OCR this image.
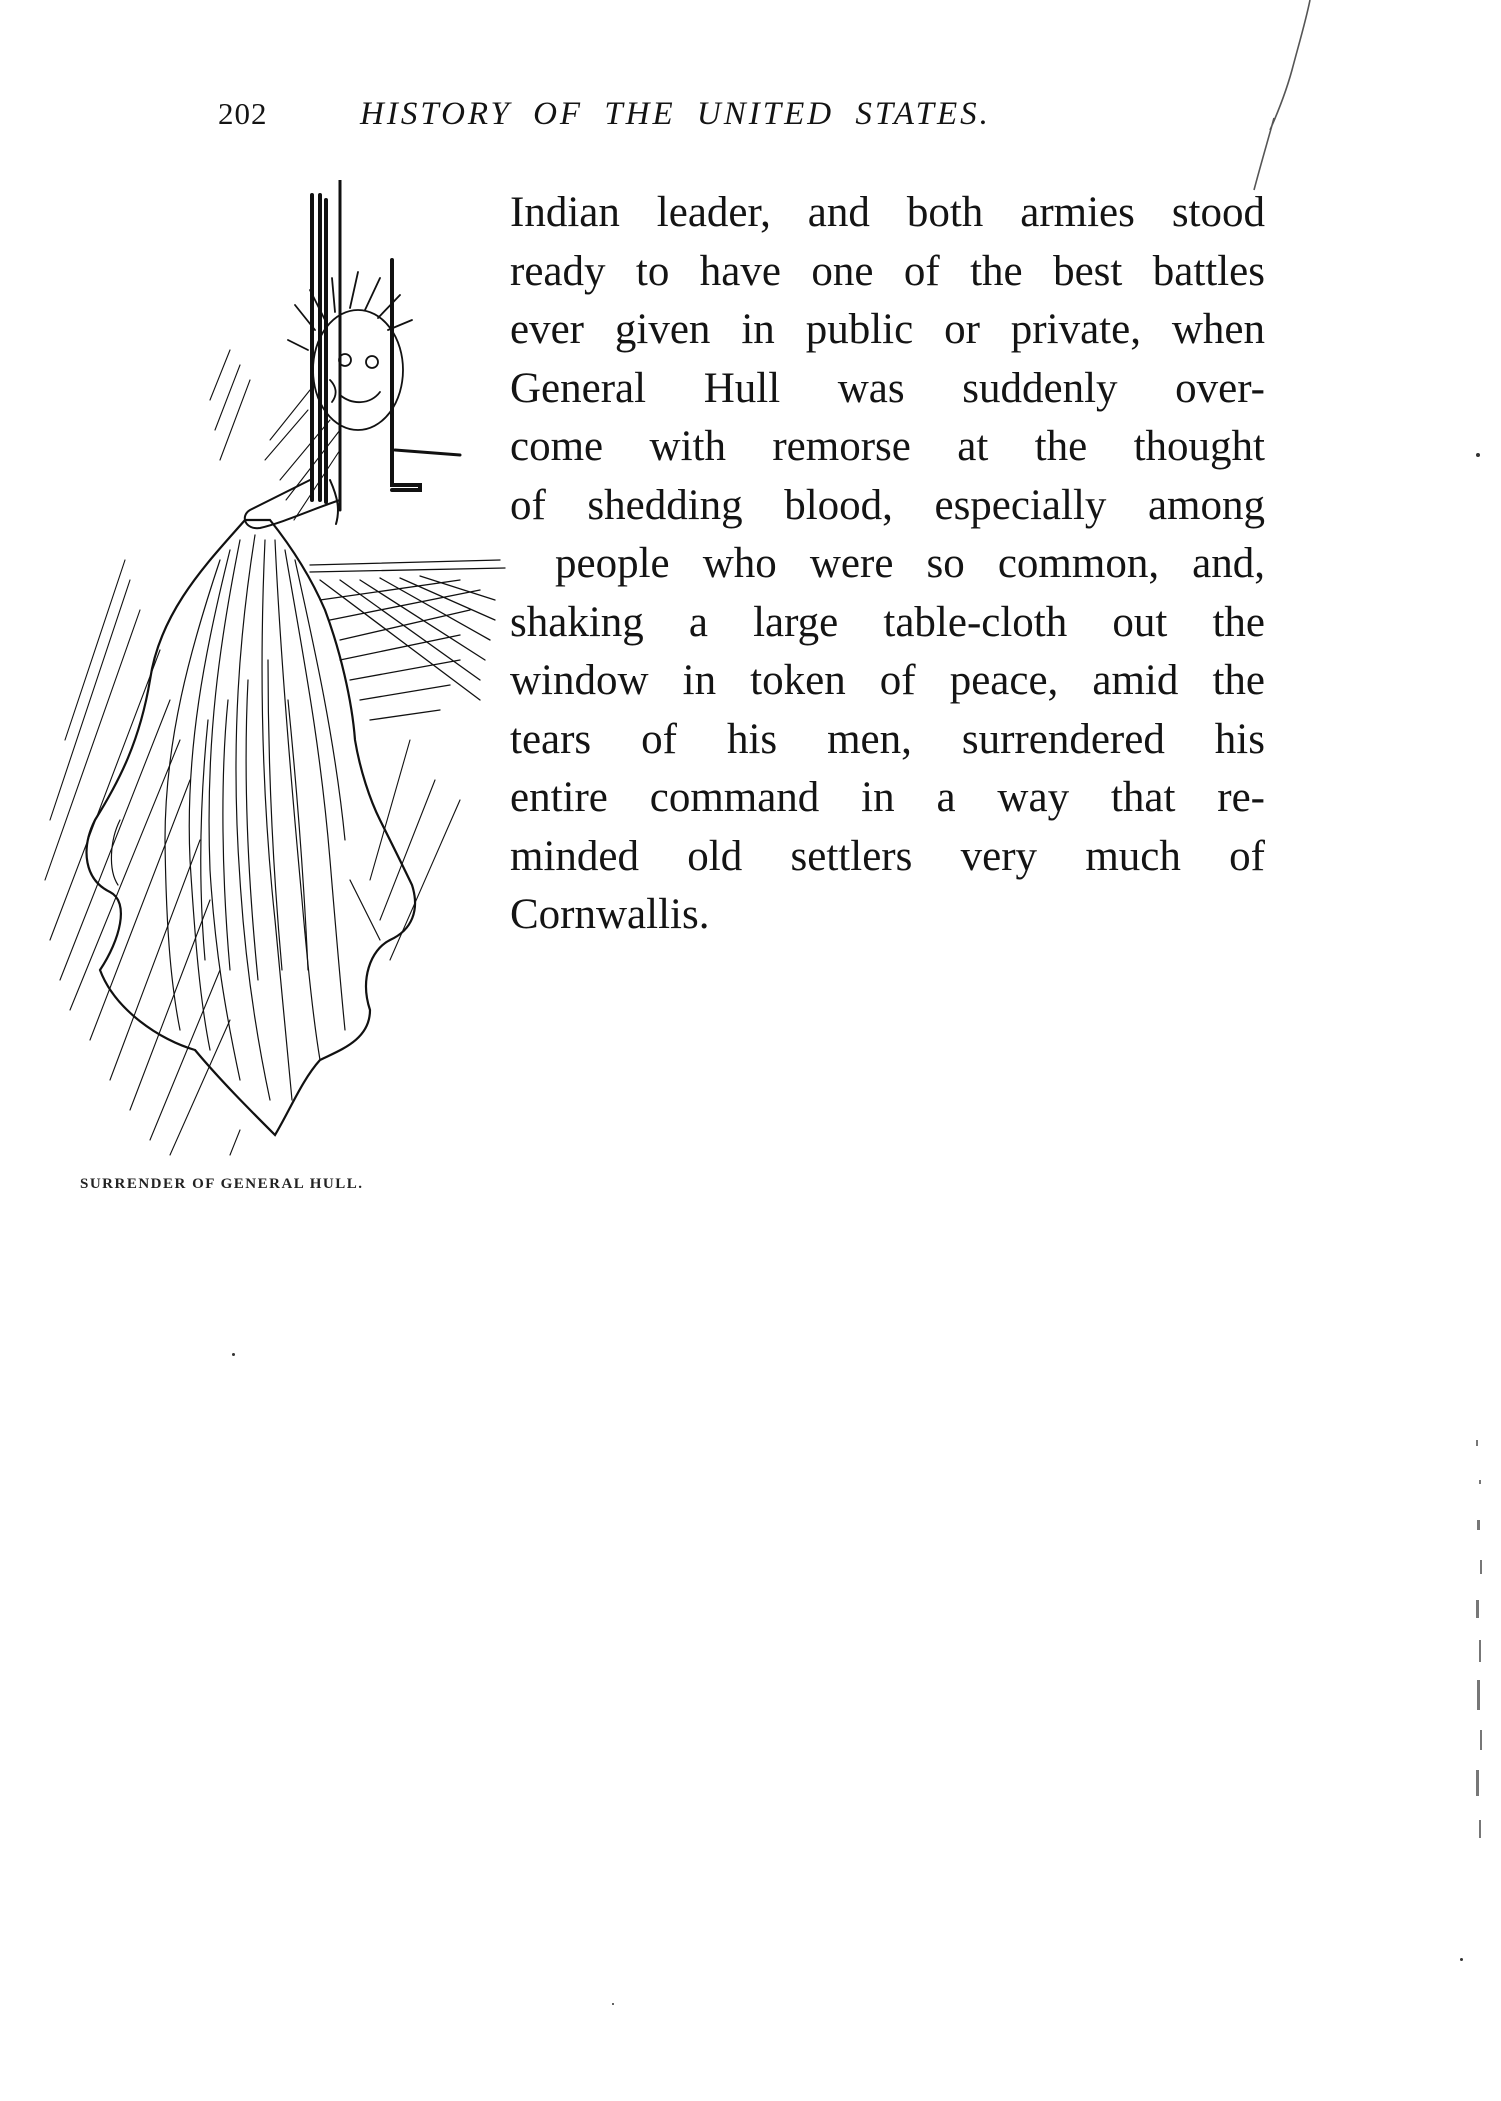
202	HISTORY OF THE UNITED STATES.
SURRENDER OF GENERAL HULL.
Indian leader, and both armies stood
ready to have one of the best battles
ever given in public or private, when
General Hull was suddenly over-
come with remorse at the thought
of shedding blood, especially among
people who were so common, and,
shaking a large table-cloth out the
window in token of peace, amid the
tears of his men, surrendered his
entire command in a way that re-
minded old settlers very much of
Cornwallis.
